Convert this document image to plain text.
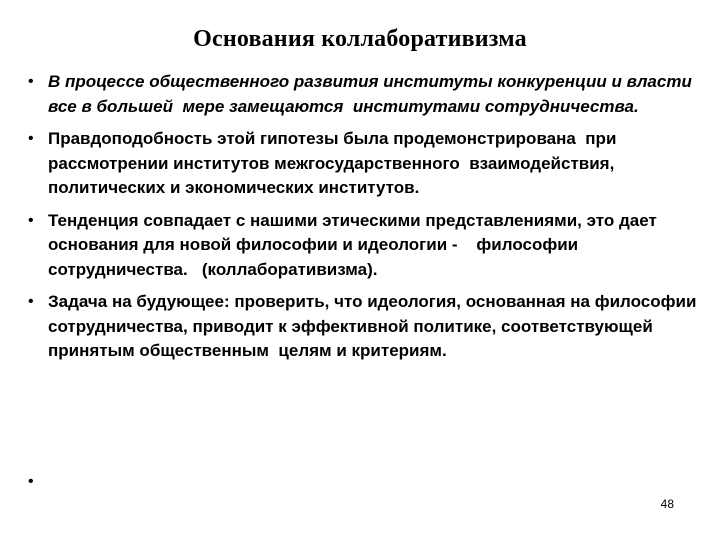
Основания коллаборативизма
• В процессе общественного развития институты конкуренции и власти все в большей  мере замещаются  институтами сотрудничества.
• Правдоподобность этой гипотезы была продемонстрирована  при рассмотрении институтов межгосударственного  взаимодействия, политических и экономических институтов.
• Тенденция совпадает с нашими этическими представлениями, это дает основания для новой философии и идеологии -    философии сотрудничества.   (коллаборативизма).
• Задача на будующее: проверить, что идеология, основанная на философии сотрудничества, приводит к эффективной политике, соответствующей принятым общественным  целям и критериям.
•
48
